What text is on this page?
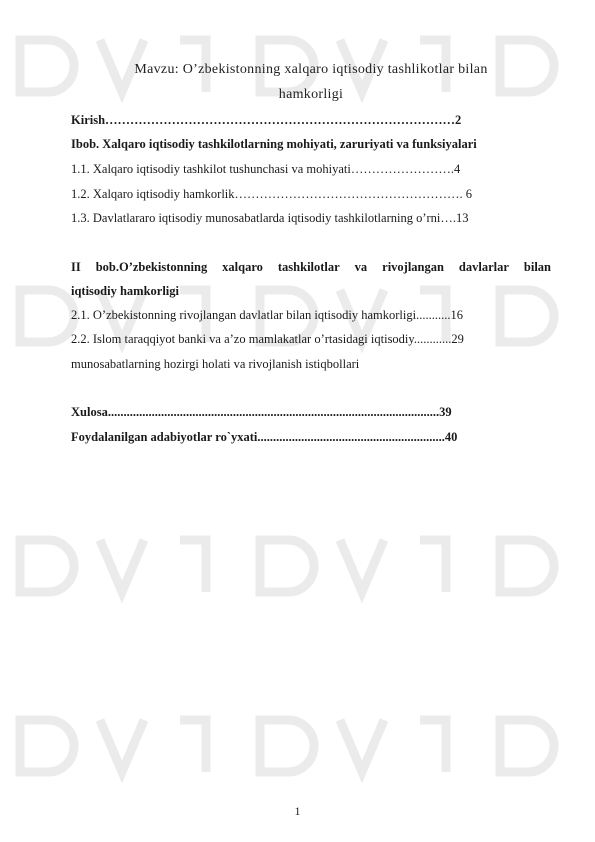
Mavzu: O’zbekistonning xalqaro iqtisodiy tashlikotlar bilan
hamkorligi
Kirish…………………………………………………………………………2
Ibob. Xalqaro iqtisodiy tashkilotlarning mohiyati, zaruriyati va funksiyalari
1.1. Xalqaro iqtisodiy tashkilot tushunchasi va mohiyati…………………….4
1.2. Xalqaro iqtisodiy hamkorlik………………………………………………. 6
1.3. Davlatlararo iqtisodiy munosabatlarda iqtisodiy tashkilotlarning o’rni….13
II bob.O’zbekistonning xalqaro tashkilotlar va rivojlangan davlarlar bilan
iqtisodiy hamkorligi
2.1. O’zbekistonning rivojlangan davlatlar bilan iqtisodiy hamkorligi...........16
2.2. Islom taraqqiyot banki va a’zo mamlakatlar o’rtasidagi iqtisodiy............29
munosabatlarning hozirgi holati va rivojlanish istiqbollari
Xulosa..........................................................................................................39
Foydalanilgan adabiyotlar ro`yxati............................................................40
1
